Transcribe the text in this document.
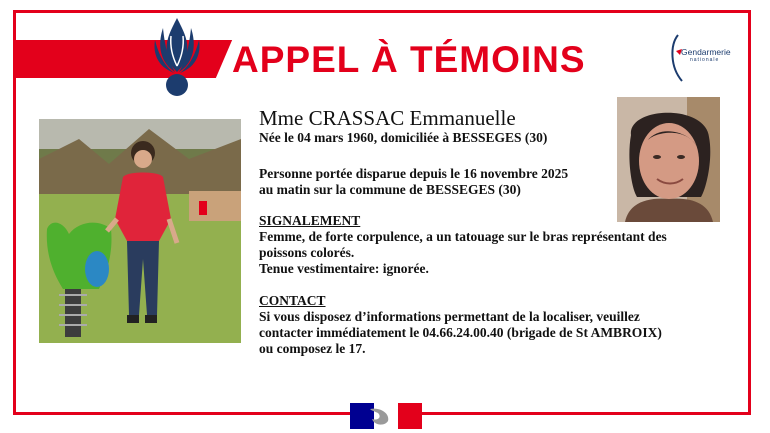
APPEL À TÉMOINS	Gendarmerie
nationale
Mme CRASSAC Emmanuelle
Née le 04 mars 1960, domiciliée à BESSEGES (30)
Personne portée disparue depuis le 16 novembre 2025
au matin sur la commune de BESSEGES (30)
SIGNALEMENT
Femme, de forte corpulence, a un tatouage sur le bras représentant des
poissons colorés.
Tenue vestimentaire: ignorée.
CONTACT
Si vous disposez d’informations permettant de la localiser, veuillez
contacter immédiatement le 04.66.24.00.40 (brigade de St AMBROIX)
ou composez le 17.
